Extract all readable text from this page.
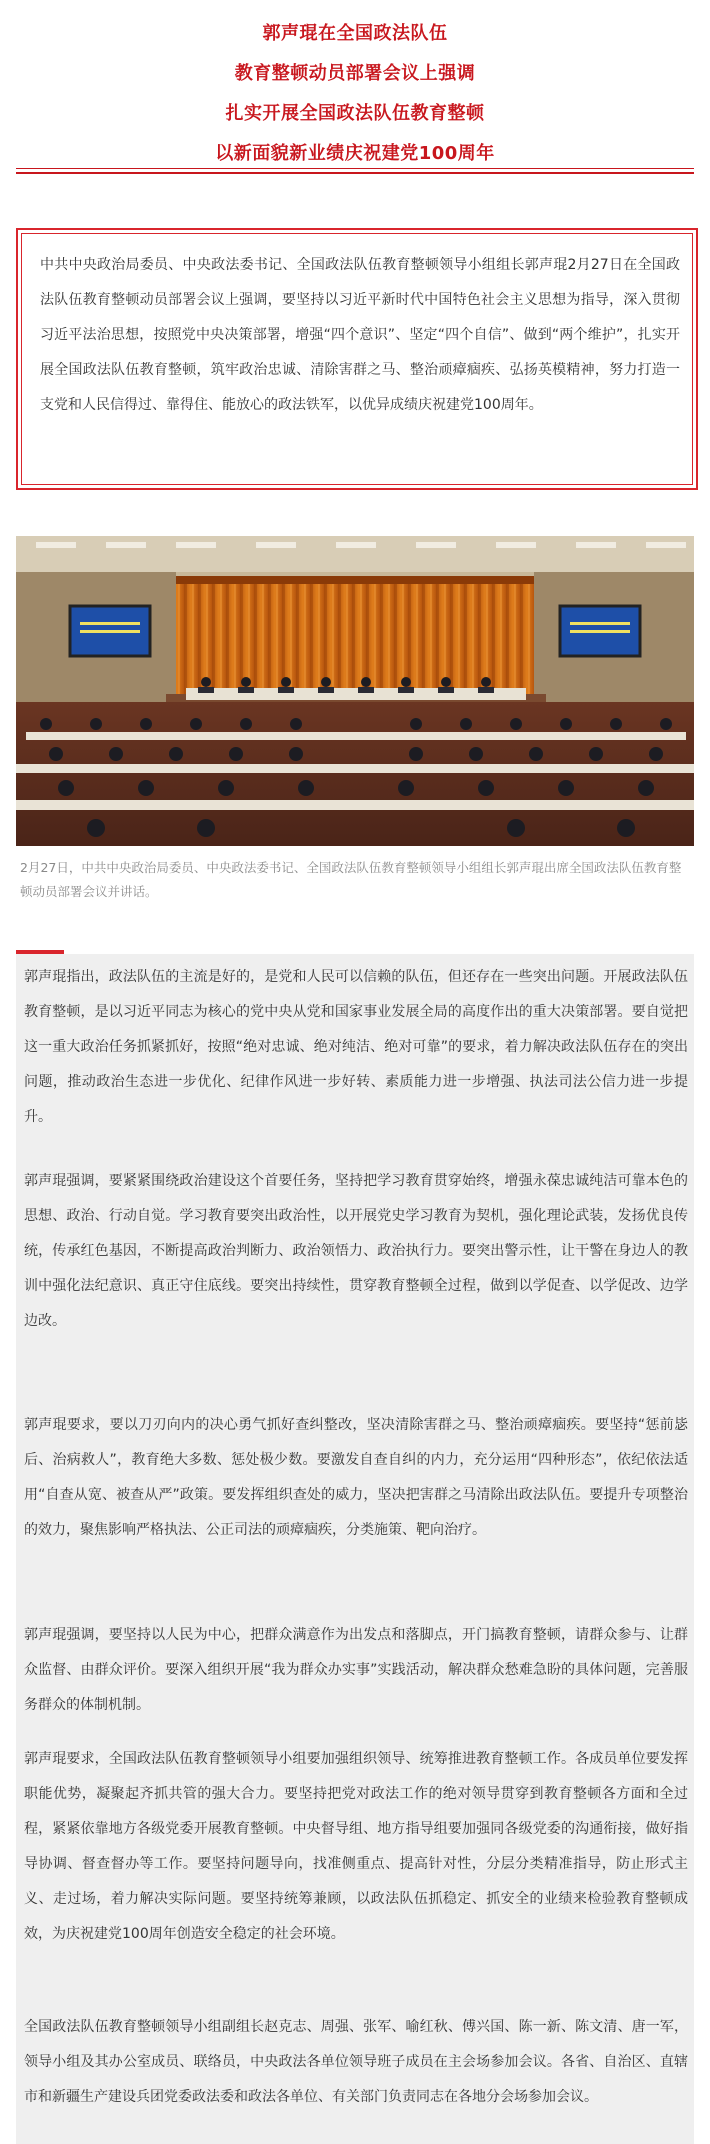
郭声琨在全国政法队伍
教育整顿动员部署会议上强调
扎实开展全国政法队伍教育整顿
以新面貌新业绩庆祝建党100周年
中共中央政治局委员、中央政法委书记、全国政法队伍教育整顿领导小组组长郭声琨2月27日在全国政法队伍教育整顿动员部署会议上强调，要坚持以习近平新时代中国特色社会主义思想为指导，深入贯彻习近平法治思想，按照党中央决策部署，增强“四个意识”、坚定“四个自信”、做到“两个维护”，扎实开展全国政法队伍教育整顿，筑牢政治忠诚、清除害群之马、整治顽瘴痼疾、弘扬英模精神，努力打造一支党和人民信得过、靠得住、能放心的政法铁军，以优异成绩庆祝建党100周年。
2月27日，中共中央政治局委员、中央政法委书记、全国政法队伍教育整顿领导小组组长郭声琨出席全国政法队伍教育整顿动员部署会议并讲话。

郭声琨指出，政法队伍的主流是好的，是党和人民可以信赖的队伍，但还存在一些突出问题。开展政法队伍教育整顿，是以习近平同志为核心的党中央从党和国家事业发展全局的高度作出的重大决策部署。要自觉把这一重大政治任务抓紧抓好，按照“绝对忠诚、绝对纯洁、绝对可靠”的要求，着力解决政法队伍存在的突出问题，推动政治生态进一步优化、纪律作风进一步好转、素质能力进一步增强、执法司法公信力进一步提升。

郭声琨强调，要紧紧围绕政治建设这个首要任务，坚持把学习教育贯穿始终，增强永葆忠诚纯洁可靠本色的思想、政治、行动自觉。学习教育要突出政治性，以开展党史学习教育为契机，强化理论武装，发扬优良传统，传承红色基因，不断提高政治判断力、政治领悟力、政治执行力。要突出警示性，让干警在身边人的教训中强化法纪意识、真正守住底线。要突出持续性，贯穿教育整顿全过程，做到以学促查、以学促改、边学边改。

郭声琨要求，要以刀刃向内的决心勇气抓好查纠整改，坚决清除害群之马、整治顽瘴痼疾。要坚持“惩前毖后、治病救人”，教育绝大多数、惩处极少数。要激发自查自纠的内力，充分运用“四种形态”，依纪依法适用“自查从宽、被查从严”政策。要发挥组织查处的威力，坚决把害群之马清除出政法队伍。要提升专项整治的效力，聚焦影响严格执法、公正司法的顽瘴痼疾，分类施策、靶向治疗。

郭声琨强调，要坚持以人民为中心，把群众满意作为出发点和落脚点，开门搞教育整顿，请群众参与、让群众监督、由群众评价。要深入组织开展“我为群众办实事”实践活动，解决群众愁难急盼的具体问题，完善服务群众的体制机制。

郭声琨要求，全国政法队伍教育整顿领导小组要加强组织领导、统筹推进教育整顿工作。各成员单位要发挥职能优势，凝聚起齐抓共管的强大合力。要坚持把党对政法工作的绝对领导贯穿到教育整顿各方面和全过程，紧紧依靠地方各级党委开展教育整顿。中央督导组、地方指导组要加强同各级党委的沟通衔接，做好指导协调、督查督办等工作。要坚持问题导向，找准侧重点、提高针对性，分层分类精准指导，防止形式主义、走过场，着力解决实际问题。要坚持统筹兼顾，以政法队伍抓稳定、抓安全的业绩来检验教育整顿成效，为庆祝建党100周年创造安全稳定的社会环境。

全国政法队伍教育整顿领导小组副组长赵克志、周强、张军、喻红秋、傅兴国、陈一新、陈文清、唐一军，领导小组及其办公室成员、联络员，中央政法各单位领导班子成员在主会场参加会议。各省、自治区、直辖市和新疆生产建设兵团党委政法委和政法各单位、有关部门负责同志在各地分会场参加会议。
